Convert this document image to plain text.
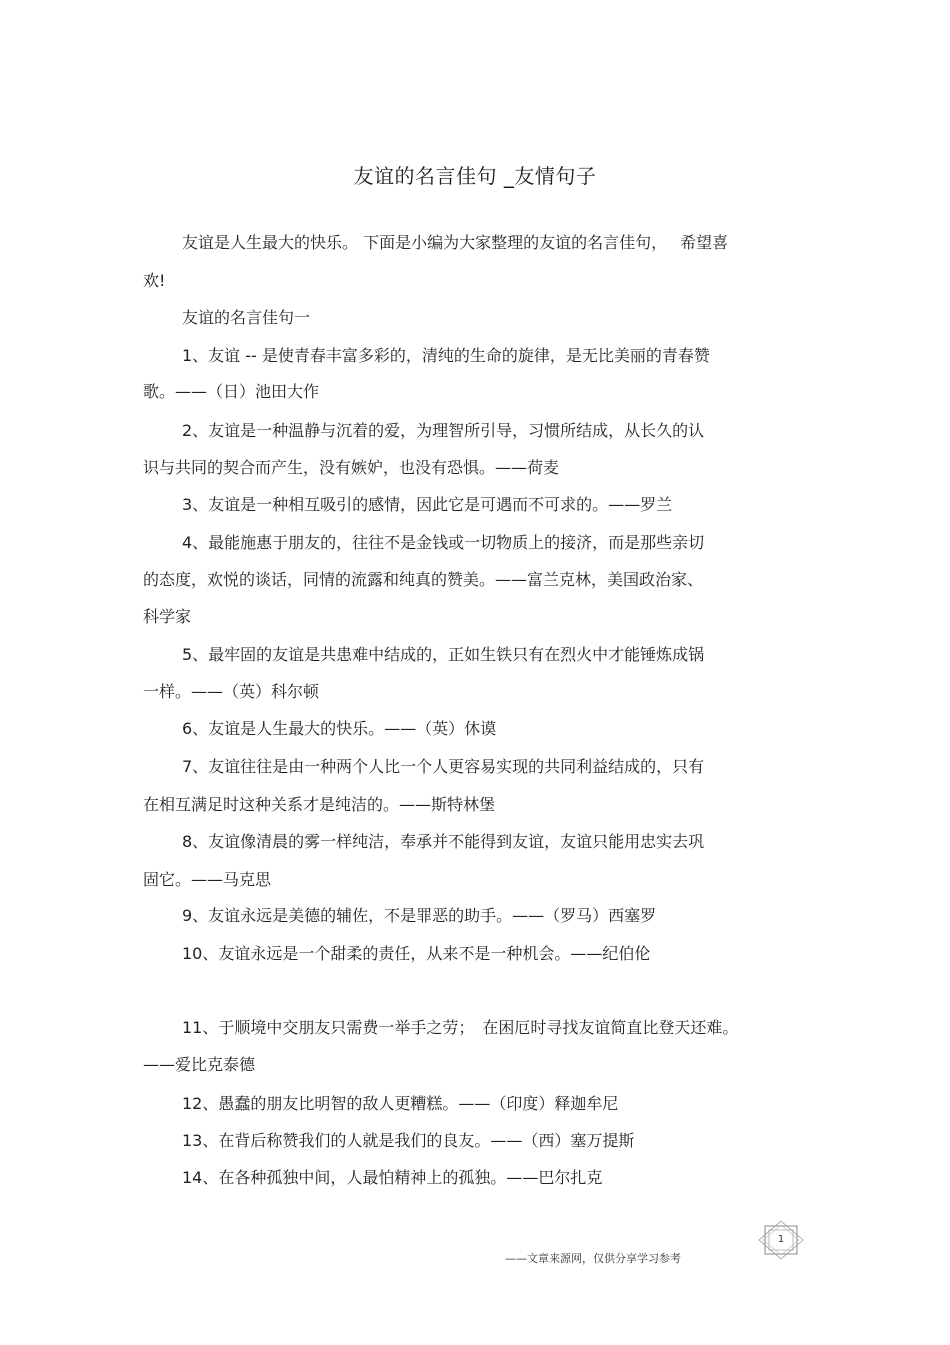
友谊的名言佳句 _友情句子
友谊是人生最大的快乐。 下面是小编为大家整理的友谊的名言佳句，　 希望喜
欢!
友谊的名言佳句一
1、友谊 -- 是使青春丰富多彩的，清纯的生命的旋律，是无比美丽的青春赞
歌。——（日）池田大作
2、友谊是一种温静与沉着的爱，为理智所引导，习惯所结成，从长久的认
识与共同的契合而产生，没有嫉妒，也没有恐惧。——荷麦
3、友谊是一种相互吸引的感情，因此它是可遇而不可求的。——罗兰
4、最能施惠于朋友的，往往不是金钱或一切物质上的接济，而是那些亲切
的态度，欢悦的谈话，同情的流露和纯真的赞美。——富兰克林，美国政治家、
科学家
5、最牢固的友谊是共患难中结成的，正如生铁只有在烈火中才能锤炼成锅
一样。——（英）科尔顿
6、友谊是人生最大的快乐。——（英）休谟
7、友谊往往是由一种两个人比一个人更容易实现的共同利益结成的，只有
在相互满足时这种关系才是纯洁的。——斯特林堡
8、友谊像清晨的雾一样纯洁，奉承并不能得到友谊，友谊只能用忠实去巩
固它。——马克思
9、友谊永远是美德的辅佐，不是罪恶的助手。——（罗马）西塞罗
10、友谊永远是一个甜柔的责任，从来不是一种机会。——纪伯伦
11、于顺境中交朋友只需费一举手之劳；　在困厄时寻找友谊简直比登天还难。
——爱比克泰德
12、愚蠢的朋友比明智的敌人更糟糕。——（印度）释迦牟尼
13、在背后称赞我们的人就是我们的良友。——（西）塞万提斯
14、在各种孤独中间，人最怕精神上的孤独。——巴尔扎克
——文章来源网，仅供分享学习参考
1
